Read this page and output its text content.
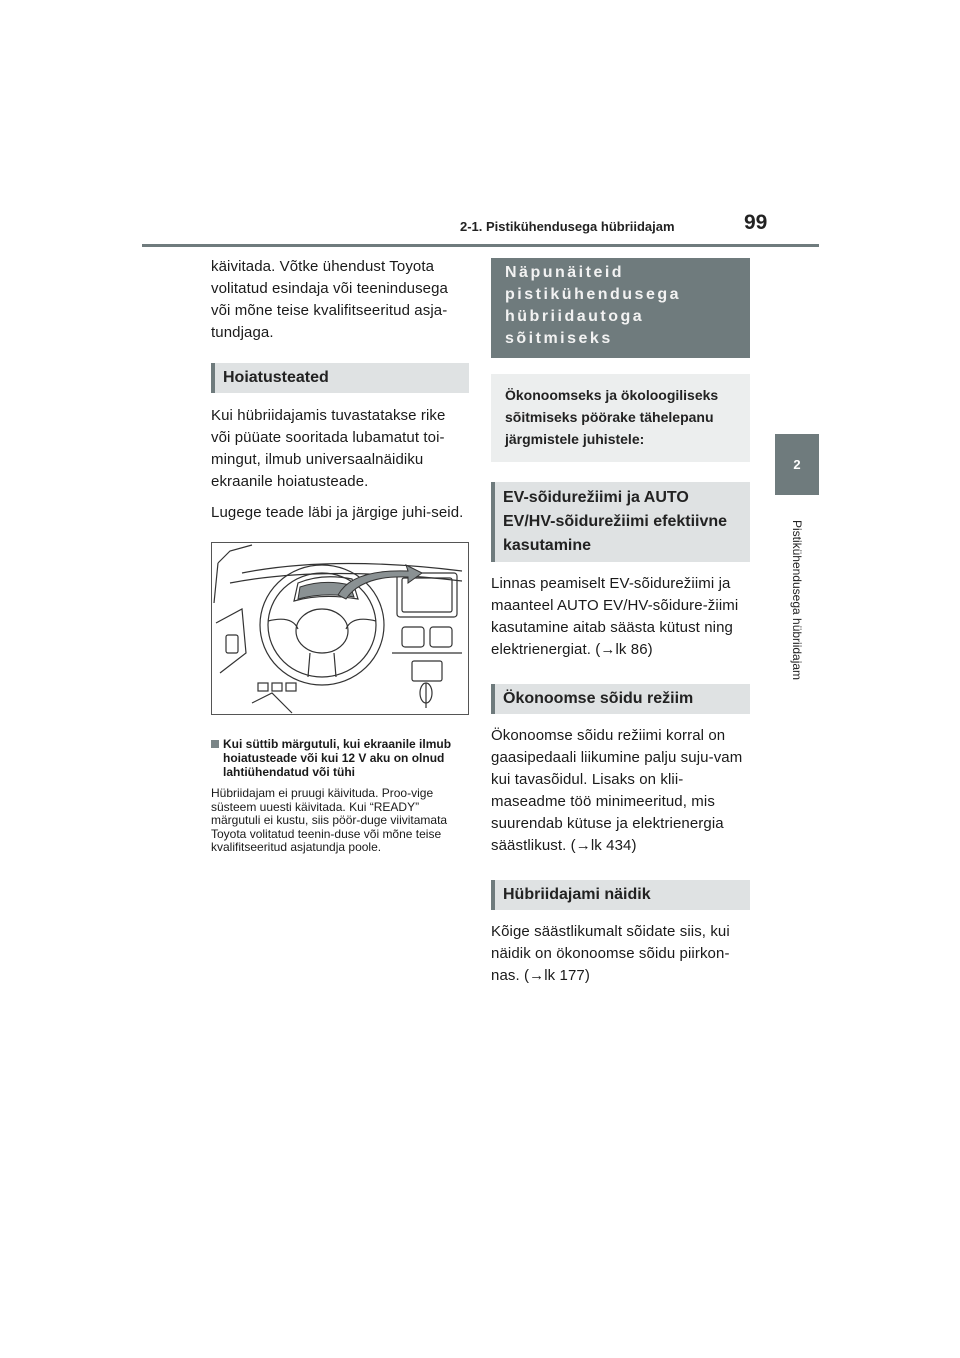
2-1. Pistikühendusega hübriidajam	99
2
Pistikühendusega hübriidajam

käivitada. Võtke ühendust Toyota volitatud esindaja või teenindusega või mõne teise kvalifitseeritud asja-tundjaga.

Hoiatusteated

Kui hübriidajamis tuvastatakse rike või püüate sooritada lubamatut toi-mingut, ilmub universaalnäidiku ekraanile hoiatusteade.

Lugege teade läbi ja järgige juhi-seid.

Kui süttib märgutuli, kui ekraanile ilmub hoiatusteade või kui 12 V aku on olnud lahtiühendatud või tühi

Hübriidajam ei pruugi käivituda. Proo-vige süsteem uuesti käivitada. Kui “READY” märgutuli ei kustu, siis pöör-duge viivitamata Toyota volitatud teenin-duse või mõne teise kvalifitseeritud asjatundja poole.

Näpunäiteid pistikühendusega hübriidautoga sõitmiseks
Ökonoomseks ja ökoloogiliseks sõitmiseks pöörake tähelepanu järgmistele juhistele:
EV-sõidurežiimi ja AUTO EV/HV-sõidurežiimi efektiivne kasutamine

Linnas peamiselt EV-sõidurežiimi ja maanteel AUTO EV/HV-sõidure-žiimi kasutamine aitab säästa kütust ning elektrienergiat. (→lk 86)

Ökonoomse sõidu režiim

Ökonoomse sõidu režiimi korral on gaasipedaali liikumine palju suju-vam kui tavasõidul. Lisaks on klii-maseadme töö minimeeritud, mis suurendab kütuse ja elektrienergia säästlikust. (→lk 434)

Hübriidajami näidik

Kõige säästlikumalt sõidate siis, kui näidik on ökonoomse sõidu piirkon-nas. (→lk 177)
